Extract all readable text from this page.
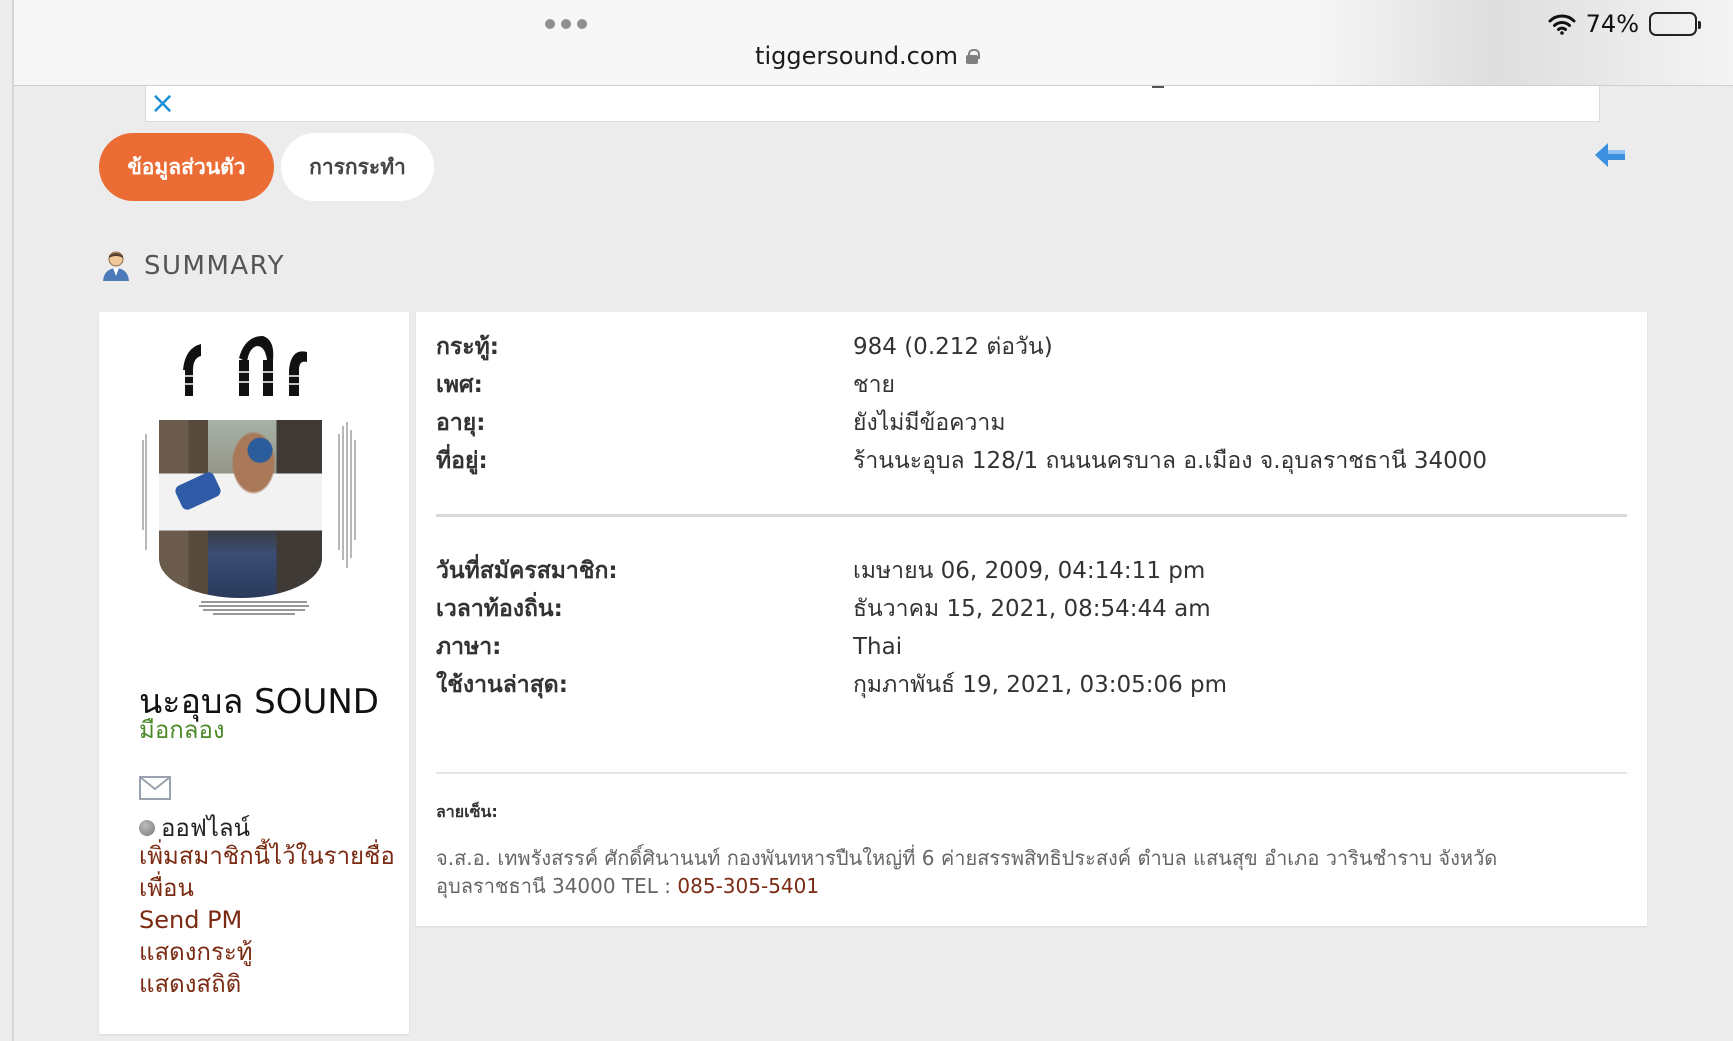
tiggersound.com
74%
×
ข้อมูลส่วนตัว	การกระทำ
SUMMARY
นะอุบล SOUND
มือกลอง
ออฟไลน์
เพิ่มสมาชิกนี้ไว้ในรายชื่อ
เพื่อน
Send PM
แสดงกระทู้
แสดงสถิติ
กระทู้:	984 (0.212 ต่อวัน)
เพศ:	ชาย
อายุ:	ยังไม่มีข้อความ
ที่อยู่:	ร้านนะอุบล 128/1 ถนนนครบาล อ.เมือง จ.อุบลราชธานี 34000
วันที่สมัครสมาชิก:	เมษายน 06, 2009, 04:14:11 pm
เวลาท้องถิ่น:	ธันวาคม 15, 2021, 08:54:44 am
ภาษา:	Thai
ใช้งานล่าสุด:	กุมภาพันธ์ 19, 2021, 03:05:06 pm
ลายเซ็น:
จ.ส.อ. เทพรังสรรค์ ศักดิ์ศินานนท์ กองพันทหารปืนใหญ่ที่ 6 ค่ายสรรพสิทธิประสงค์ ตำบล แสนสุข อำเภอ วารินชำราบ จังหวัด อุบลราชธานี 34000 TEL : 085-305-5401
